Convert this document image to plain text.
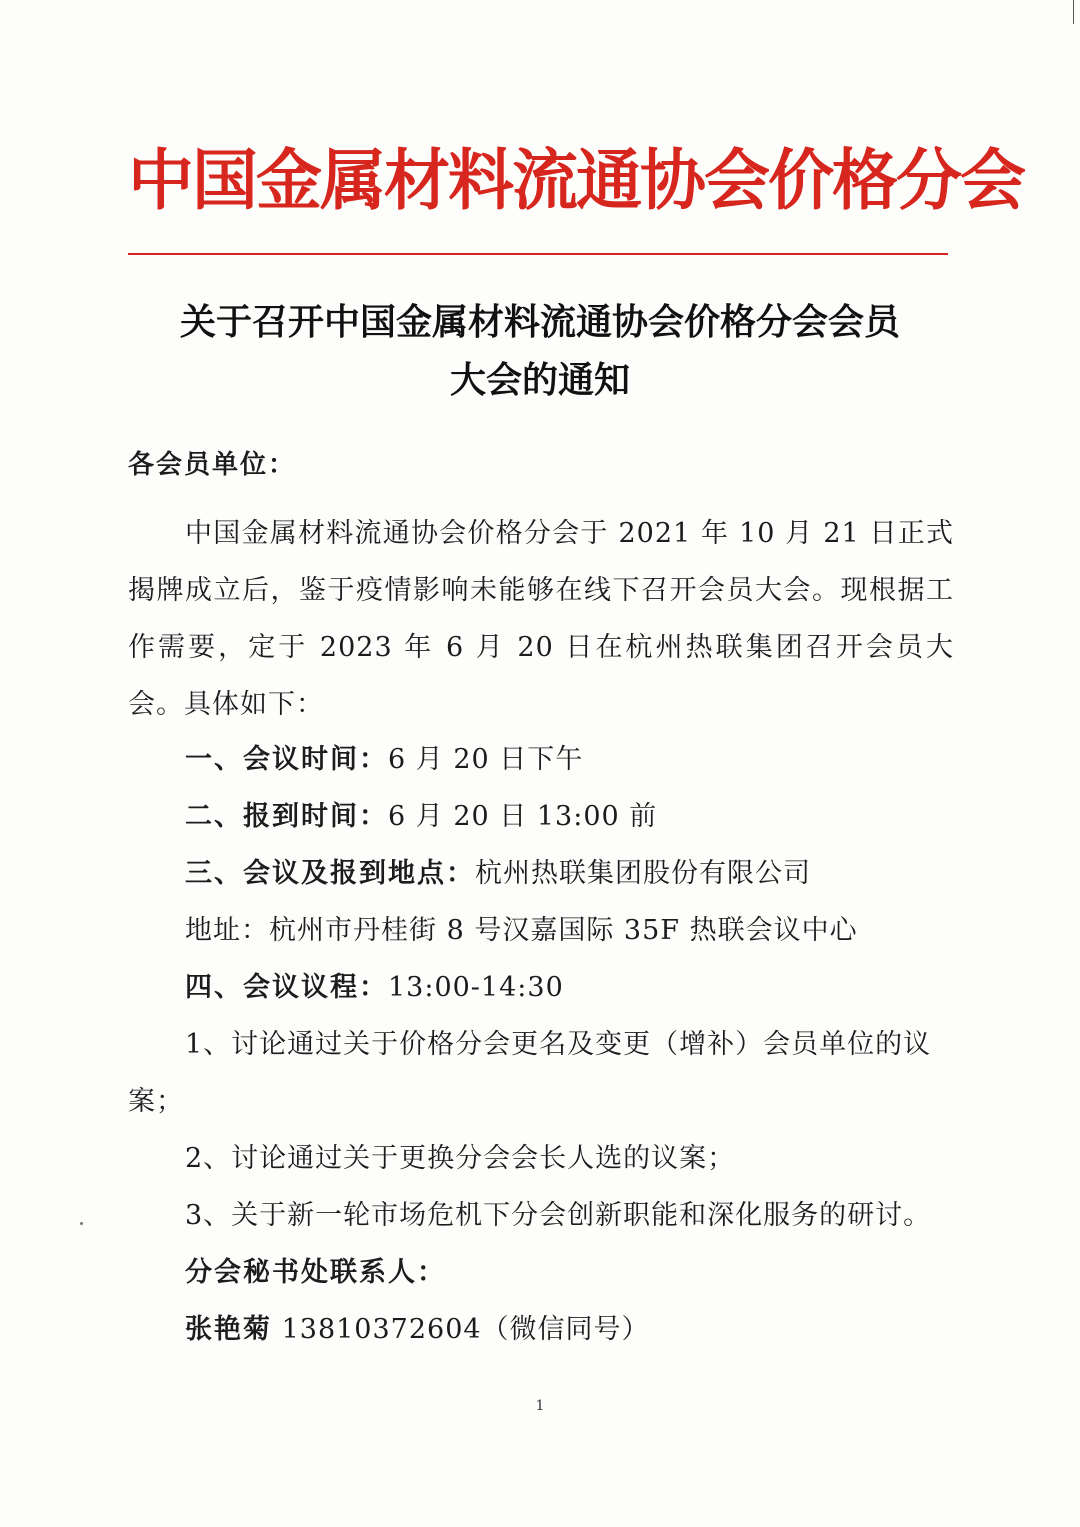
中国金属材料流通协会价格分会
关于召开中国金属材料流通协会价格分会会员
大会的通知
各会员单位：
中国金属材料流通协会价格分会于 2021 年 10 月 21 日正式揭牌成立后，鉴于疫情影响未能够在线下召开会员大会。现根据工作需要，定于 2023 年 6 月 20 日在杭州热联集团召开会员大会。具体如下：
一、会议时间：6 月 20 日下午
二、报到时间：6 月 20 日 13:00 前
三、会议及报到地点：杭州热联集团股份有限公司
地址：杭州市丹桂街 8 号汉嘉国际 35F 热联会议中心
四、会议议程：13:00-14:30
1、讨论通过关于价格分会更名及变更（增补）会员单位的议案；
2、讨论通过关于更换分会会长人选的议案；
3、关于新一轮市场危机下分会创新职能和深化服务的研讨。
分会秘书处联系人：
张艳菊 13810372604（微信同号）
1
